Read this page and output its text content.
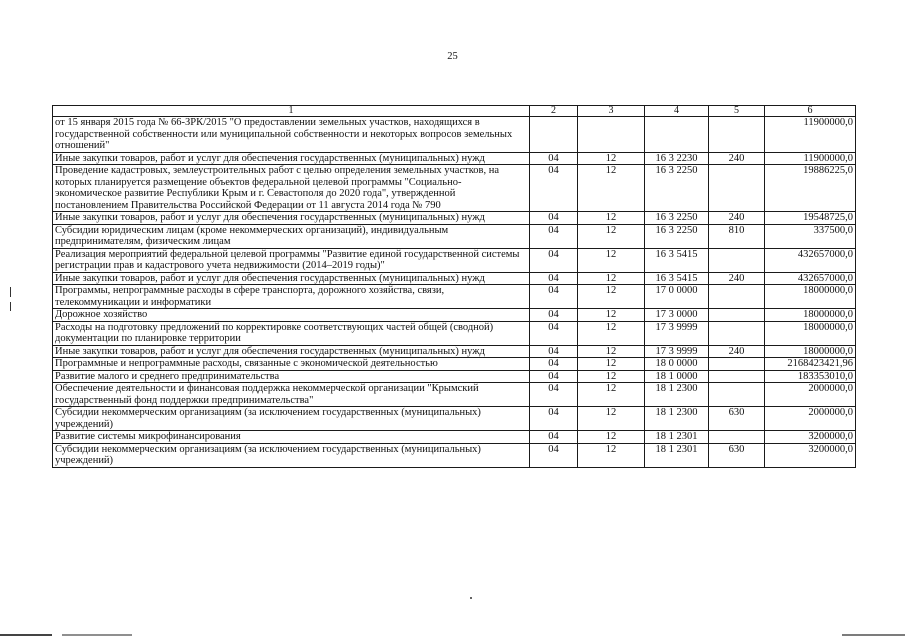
25
1	2	3	4	5	6
от 15 января 2015 года № 66-ЗРК/2015 "О предоставлении земельных участков, находящихся в государственной собственности или муниципальной собственности и некоторых вопросов земельных отношений"					11900000,0
Иные закупки товаров, работ и услуг для обеспечения государственных (муниципальных) нужд	04	12	16 3 2230	240	11900000,0
Проведение кадастровых, землеустроительных работ с целью определения земельных участков, на которых планируется размещение объектов федеральной целевой программы "Социально-экономическое развитие Республики Крым и г. Севастополя до 2020 года", утвержденной постановлением Правительства Российской Федерации от 11 августа 2014 года № 790	04	12	16 3 2250		19886225,0
Иные закупки товаров, работ и услуг для обеспечения государственных (муниципальных) нужд	04	12	16 3 2250	240	19548725,0
Субсидии юридическим лицам (кроме некоммерческих организаций), индивидуальным предпринимателям, физическим лицам	04	12	16 3 2250	810	337500,0
Реализация мероприятий федеральной целевой программы "Развитие единой государственной системы регистрации прав и кадастрового учета недвижимости (2014–2019 годы)"	04	12	16 3 5415		432657000,0
Иные закупки товаров, работ и услуг для обеспечения государственных (муниципальных) нужд	04	12	16 3 5415	240	432657000,0
Программы, непрограммные расходы в сфере транспорта, дорожного хозяйства, связи, телекоммуникации и информатики	04	12	17 0 0000		18000000,0
Дорожное хозяйство	04	12	17 3 0000		18000000,0
Расходы на подготовку предложений по корректировке соответствующих частей общей (сводной) документации по планировке территории	04	12	17 3 9999		18000000,0
Иные закупки товаров, работ и услуг для обеспечения государственных (муниципальных) нужд	04	12	17 3 9999	240	18000000,0
Программные и непрограммные расходы, связанные с экономической деятельностью	04	12	18 0 0000		2168423421,96
Развитие малого и среднего предпринимательства	04	12	18 1 0000		183353010,0
Обеспечение деятельности и финансовая поддержка некоммерческой организации "Крымский государственный фонд поддержки предпринимательства"	04	12	18 1 2300		2000000,0
Субсидии некоммерческим организациям (за исключением государственных (муниципальных) учреждений)	04	12	18 1 2300	630	2000000,0
Развитие системы микрофинансирования	04	12	18 1 2301		3200000,0
Субсидии некоммерческим организациям (за исключением государственных (муниципальных) учреждений)	04	12	18 1 2301	630	3200000,0
